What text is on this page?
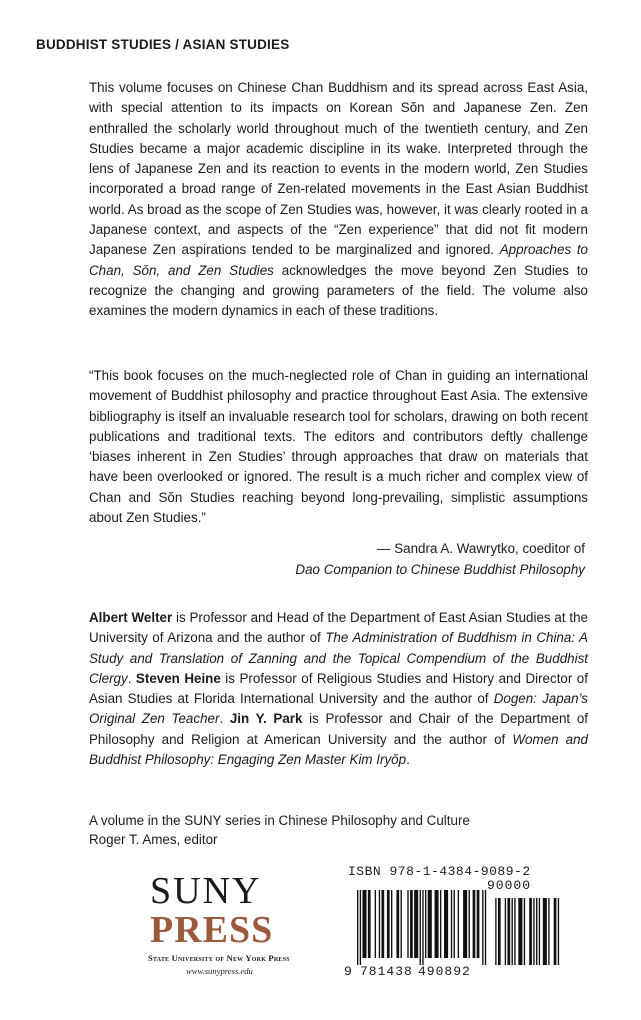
BUDDHIST STUDIES / ASIAN STUDIES

This volume focuses on Chinese Chan Buddhism and its spread across East Asia, with special attention to its impacts on Korean Sŏn and Japanese Zen. Zen enthralled the scholarly world throughout much of the twentieth century, and Zen Studies became a major academic discipline in its wake. Interpreted through the lens of Japanese Zen and its reaction to events in the modern world, Zen Studies incorporated a broad range of Zen-related movements in the East Asian Buddhist world. As broad as the scope of Zen Studies was, however, it was clearly rooted in a Japanese context, and aspects of the “Zen experience” that did not fit modern Japanese Zen aspirations tended to be marginalized and ignored. Approaches to Chan, Sŏn, and Zen Studies acknowledges the move beyond Zen Studies to recognize the changing and growing parameters of the field. The volume also examines the modern dynamics in each of these traditions.

“This book focuses on the much-neglected role of Chan in guiding an international movement of Buddhist philosophy and practice throughout East Asia. The extensive bibliography is itself an invaluable research tool for scholars, drawing on both recent publications and traditional texts. The editors and contributors deftly challenge ‘biases inherent in Zen Studies’ through approaches that draw on materials that have been overlooked or ignored. The result is a much richer and complex view of Chan and Sŏn Studies reaching beyond long-prevailing, simplistic assumptions about Zen Studies.”

— Sandra A. Wawrytko, coeditor of
Dao Companion to Chinese Buddhist Philosophy

Albert Welter is Professor and Head of the Department of East Asian Studies at the University of Arizona and the author of The Administration of Buddhism in China: A Study and Translation of Zanning and the Topical Compendium of the Buddhist Clergy. Steven Heine is Professor of Religious Studies and History and Director of Asian Studies at Florida International University and the author of Dogen: Japan’s Original Zen Teacher. Jin Y. Park is Professor and Chair of the Department of Philosophy and Religion at American University and the author of Women and Buddhist Philosophy: Engaging Zen Master Kim Iryŏp.

A volume in the SUNY series in Chinese Philosophy and Culture
Roger T. Ames, editor
SUNY
PRESS
State University of New York Press
www.sunypress.edu
ISBN 978-1-4384-9089-2
90000
9 781438 490892
